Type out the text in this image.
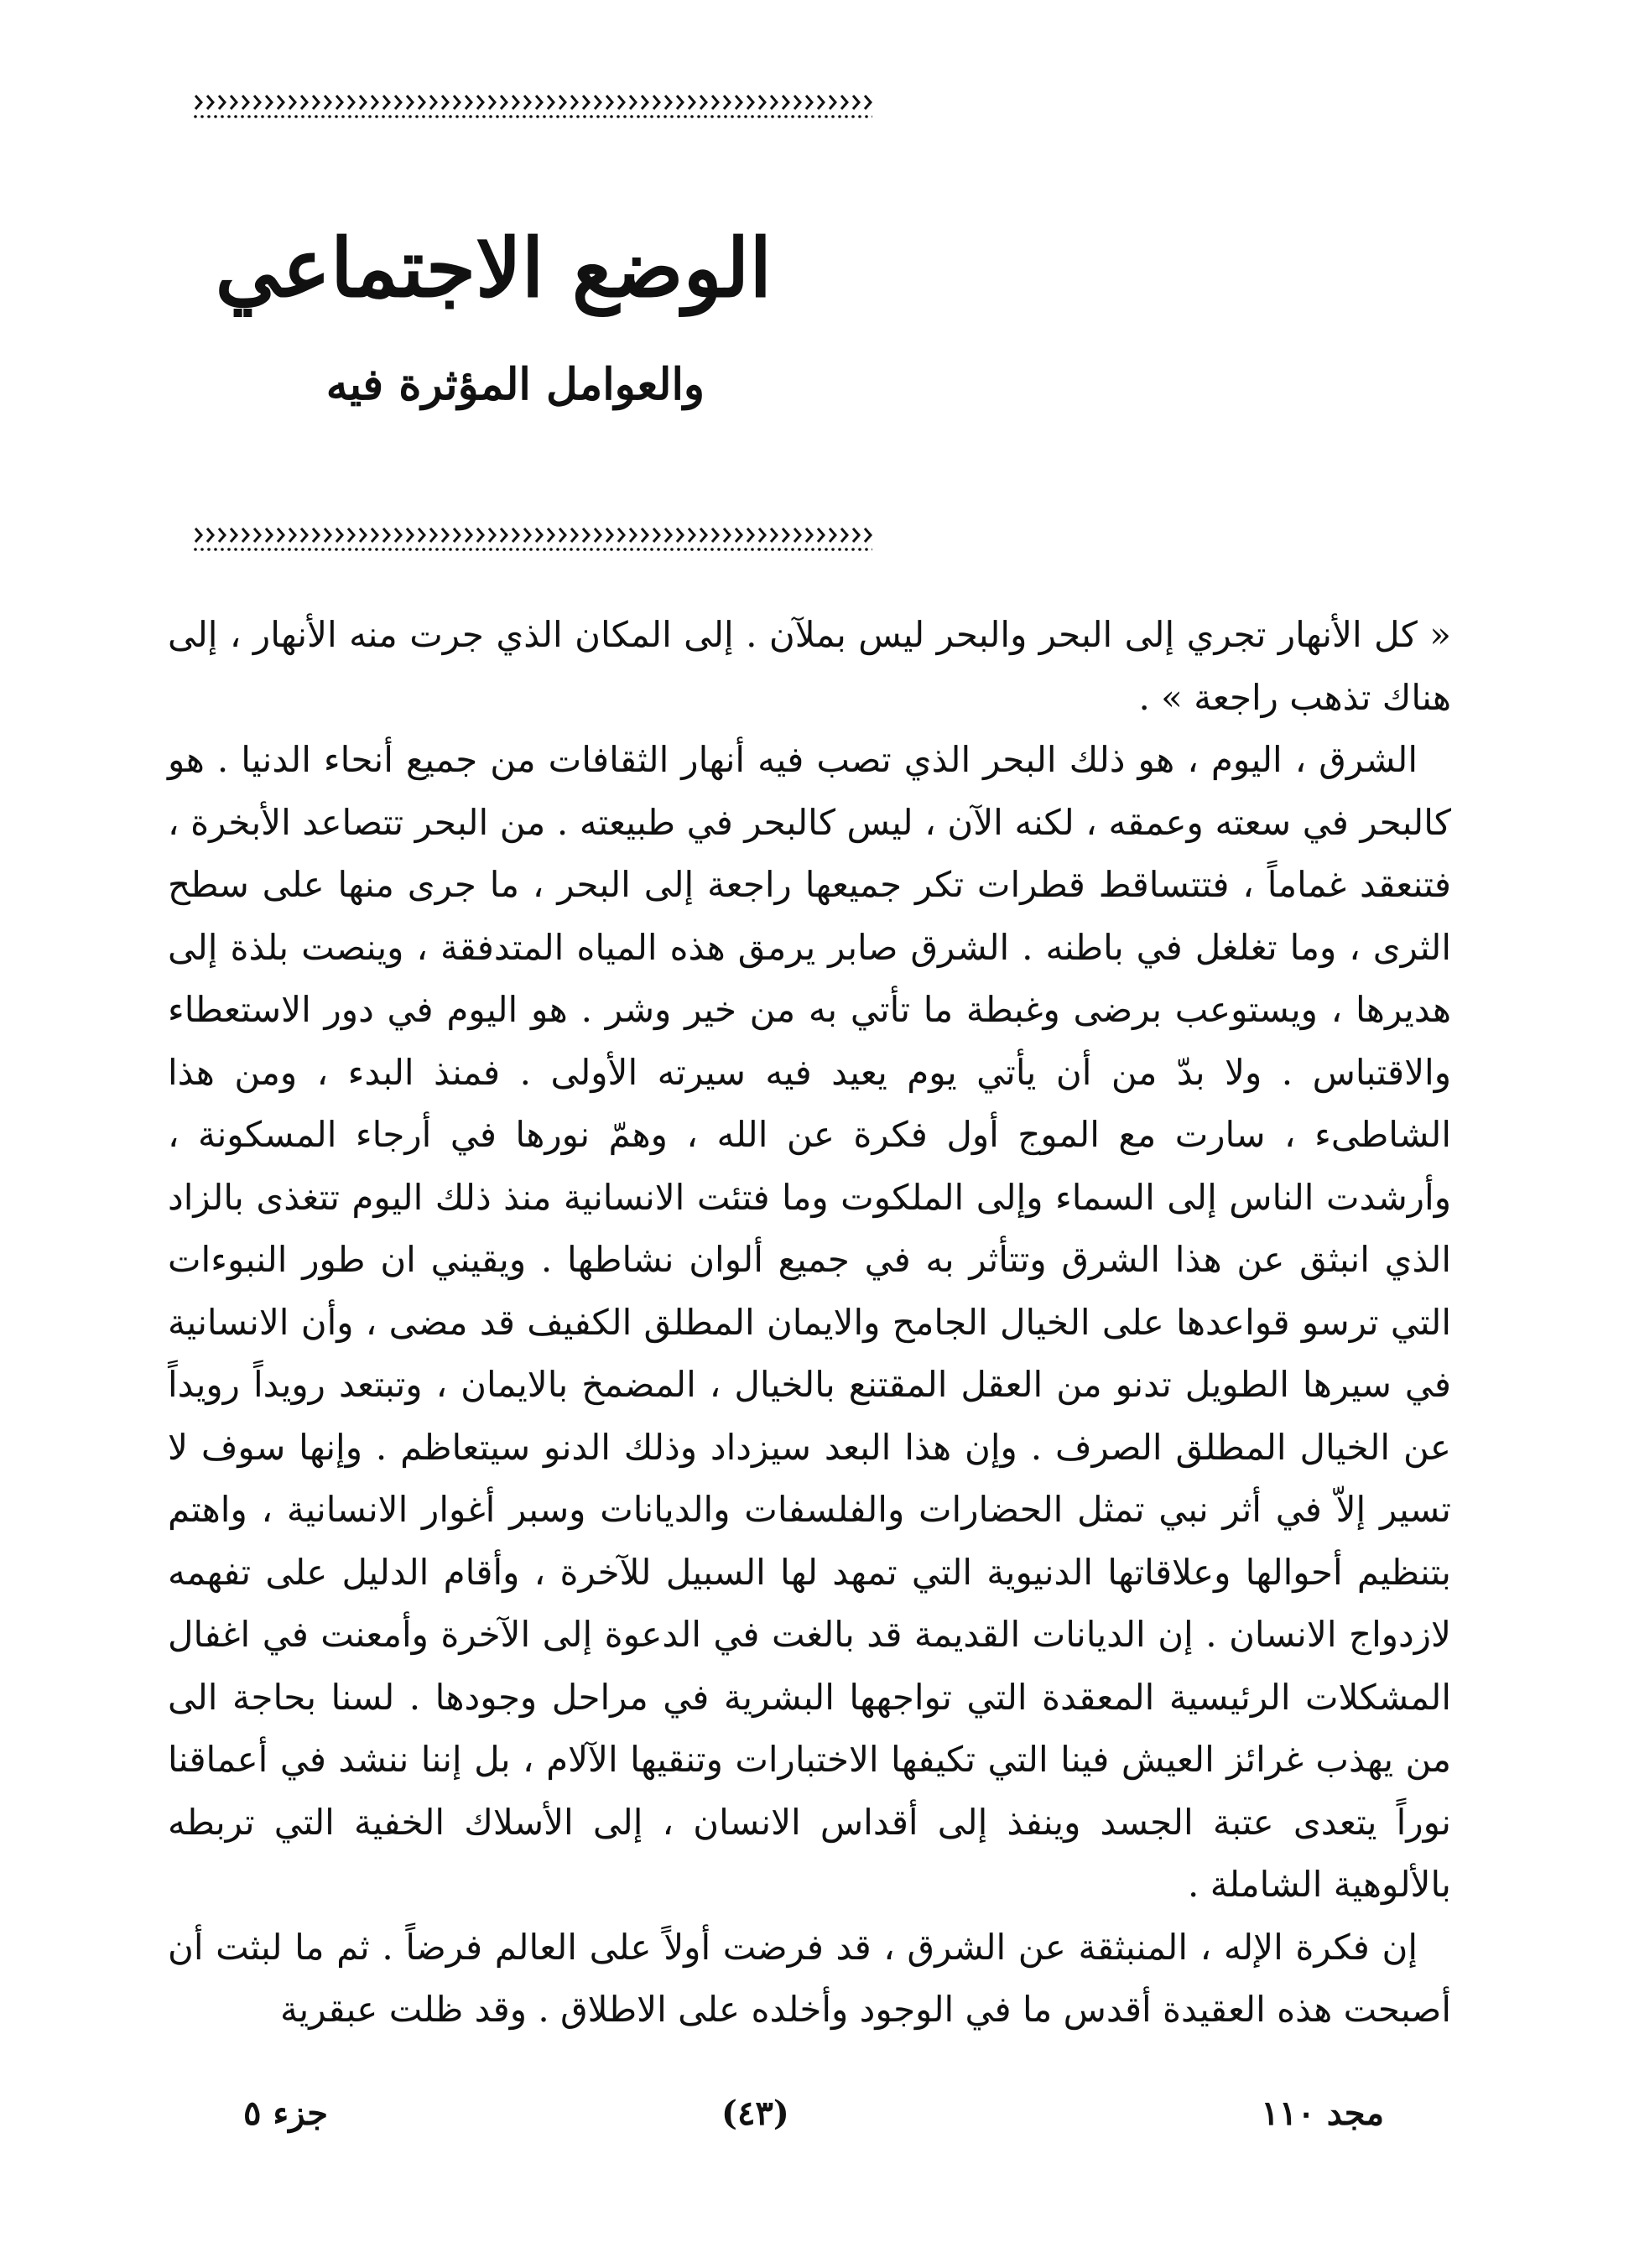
الوضع الاجتماعي
والعوامل المؤثرة فيه

« كل الأنهار تجري إلى البحر والبحر ليس بملآن . إلى المكان الذي جرت منه الأنهار ، إلى هناك تذهب راجعة » .

الشرق ، اليوم ، هو ذلك البحر الذي تصب فيه أنهار الثقافات من جميع أنحاء الدنيا . هو كالبحر في سعته وعمقه ، لكنه الآن ، ليس كالبحر في طبيعته . من البحر تتصاعد الأبخرة ، فتنعقد غماماً ، فتتساقط قطرات تكر جميعها راجعة إلى البحر ، ما جرى منها على سطح الثرى ، وما تغلغل في باطنه . الشرق صابر يرمق هذه المياه المتدفقة ، وينصت بلذة إلى هديرها ، ويستوعب برضى وغبطة ما تأتي به من خير وشر . هو اليوم في دور الاستعطاء والاقتباس . ولا بدّ من أن يأتي يوم يعيد فيه سيرته الأولى . فمنذ البدء ، ومن هذا الشاطىء ، سارت مع الموج أول فكرة عن الله ، وهمّ نورها في أرجاء المسكونة ، وأرشدت الناس إلى السماء وإلى الملكوت وما فتئت الانسانية منذ ذلك اليوم تتغذى بالزاد الذي انبثق عن هذا الشرق وتتأثر به في جميع ألوان نشاطها . ويقيني ان طور النبوءات التي ترسو قواعدها على الخيال الجامح والايمان المطلق الكفيف قد مضى ، وأن الانسانية في سيرها الطويل تدنو من العقل المقتنع بالخيال ، المضمخ بالايمان ، وتبتعد رويداً رويداً عن الخيال المطلق الصرف . وإن هذا البعد سيزداد وذلك الدنو سيتعاظم . وإنها سوف لا تسير إلاّ في أثر نبي تمثل الحضارات والفلسفات والديانات وسبر أغوار الانسانية ، واهتم بتنظيم أحوالها وعلاقاتها الدنيوية التي تمهد لها السبيل للآخرة ، وأقام الدليل على تفهمه لازدواج الانسان . إن الديانات القديمة قد بالغت في الدعوة إلى الآخرة وأمعنت في اغفال المشكلات الرئيسية المعقدة التي تواجهها البشرية في مراحل وجودها . لسنا بحاجة الى من يهذب غرائز العيش فينا التي تكيفها الاختبارات وتنقيها الآلام ، بل إننا ننشد في أعماقنا نوراً يتعدى عتبة الجسد وينفذ إلى أقداس الانسان ، إلى الأسلاك الخفية التي تربطه بالألوهية الشاملة .

إن فكرة الإله ، المنبثقة عن الشرق ، قد فرضت أولاً على العالم فرضاً . ثم ما لبثت أن أصبحت هذه العقيدة أقدس ما في الوجود وأخلده على الاطلاق . وقد ظلت عبقرية

مجد ١١٠
(٤٣)
جزء ٥
